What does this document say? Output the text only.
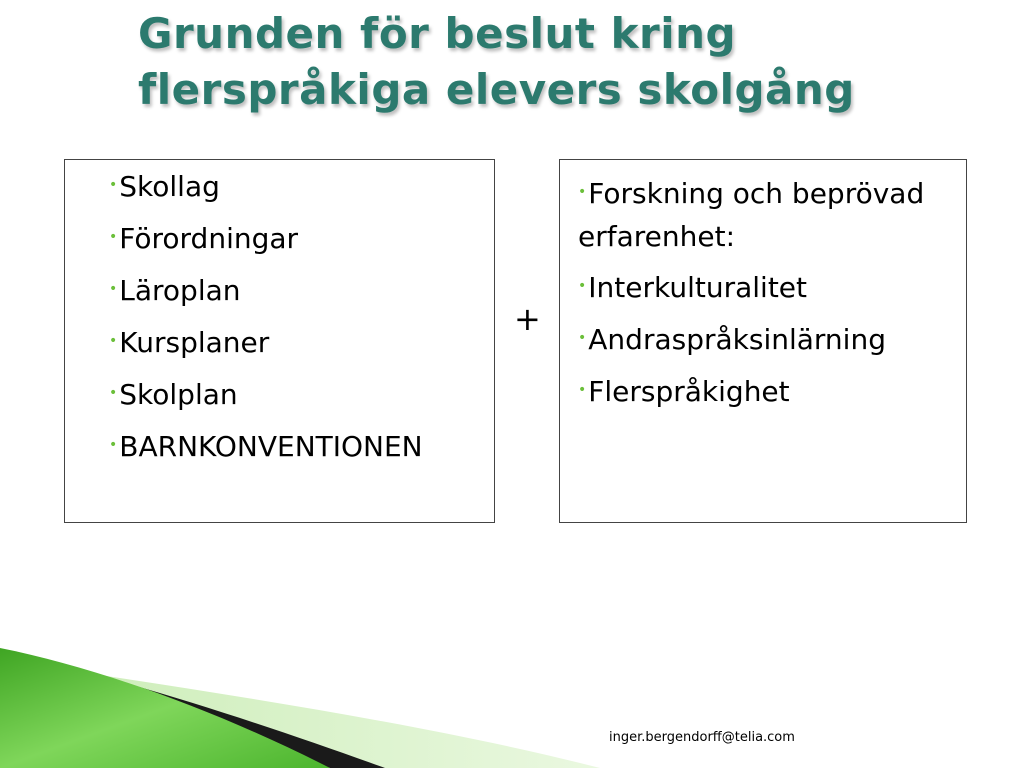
Grunden för beslut kring
flerspråkiga elevers skolgång
•Skollag
•Förordningar
•Läroplan
•Kursplaner
•Skolplan
•BARNKONVENTIONEN
+
•Forskning och beprövad erfarenhet:
•Interkulturalitet
•Andraspråksinlärning
•Flerspråkighet
inger.bergendorff@telia.com
